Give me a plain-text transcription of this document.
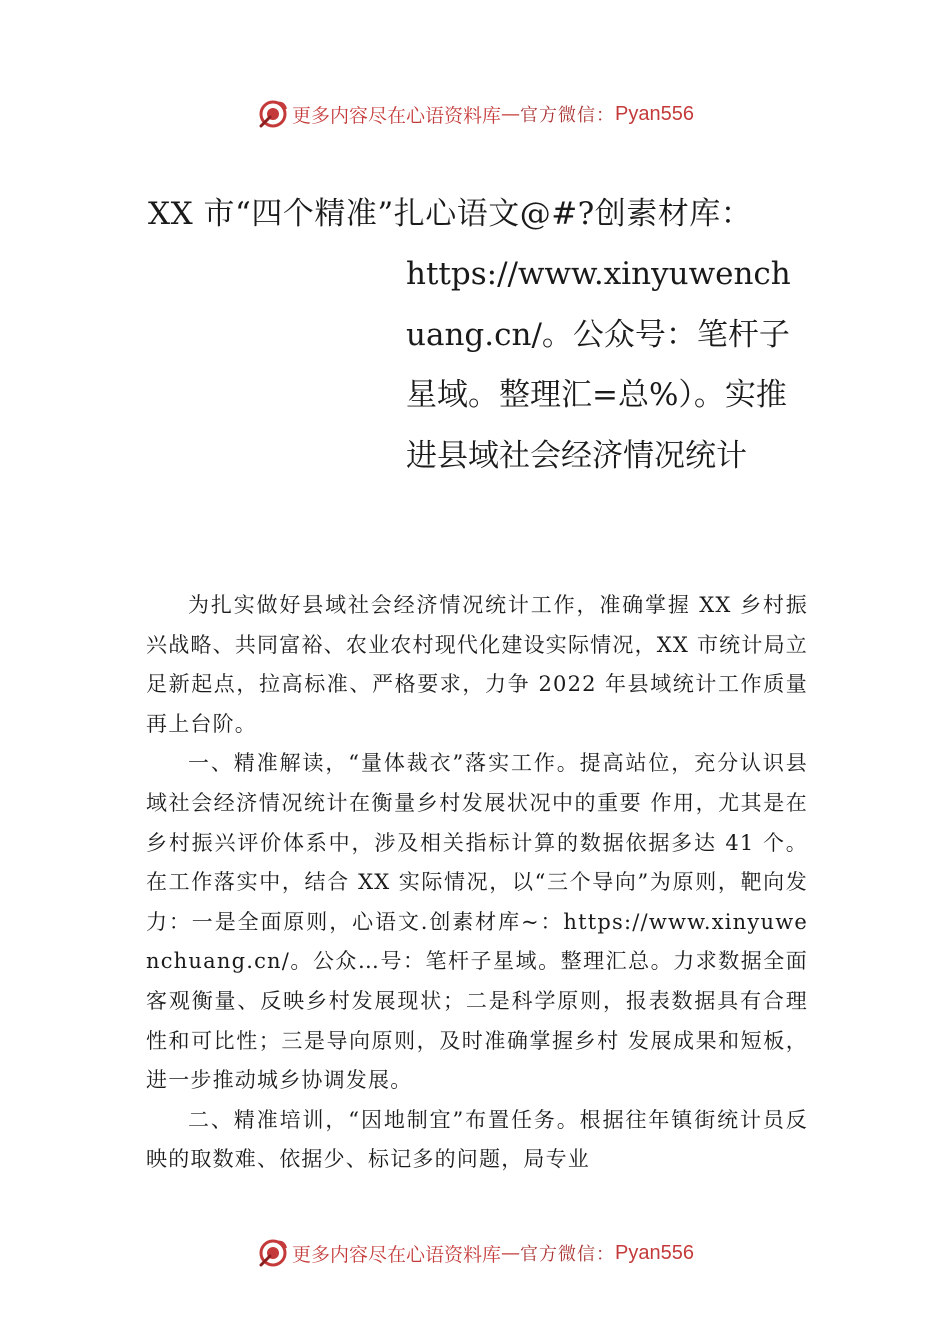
更多内容尽在心语资料库 — 官方微信： Pyan556
XX 市“四个精准”扎心语文@#?创素材库：
https://www.xinyuwenchuang.cn/。公众号：笔杆子星域。整理汇=总%）。实推进县域社会经济情况统计

为扎实做好县域社会经济情况统计工作，准确掌握 XX 乡村振兴战略、共同富裕、农业农村现代化建设实际情况，XX 市统计局立足新起点，拉高标准、严格要求，力争 2022 年县域统计工作质量再上台阶。

一、精准解读，“量体裁衣”落实工作。提高站位，充分认识县域社会经济情况统计在衡量乡村发展状况中的重要 作用，尤其是在乡村振兴评价体系中，涉及相关指标计算的数据依据多达 41 个。在工作落实中，结合 XX 实际情况，以“三个导向”为原则，靶向发力：一是全面原则，心语文.创素材库~：https://www.xinyuwenchuang.cn/。公众…号：笔杆子星域。整理汇总。力求数据全面客观衡量、反映乡村发展现状；二是科学原则，报表数据具有合理性和可比性；三是导向原则，及时准确掌握乡村 发展成果和短板，进一步推动城乡协调发展。

二、精准培训，“因地制宜”布置任务。根据往年镇街统计员反映的取数难、依据少、标记多的问题，局专业

更多内容尽在心语资料库 — 官方微信： Pyan556
